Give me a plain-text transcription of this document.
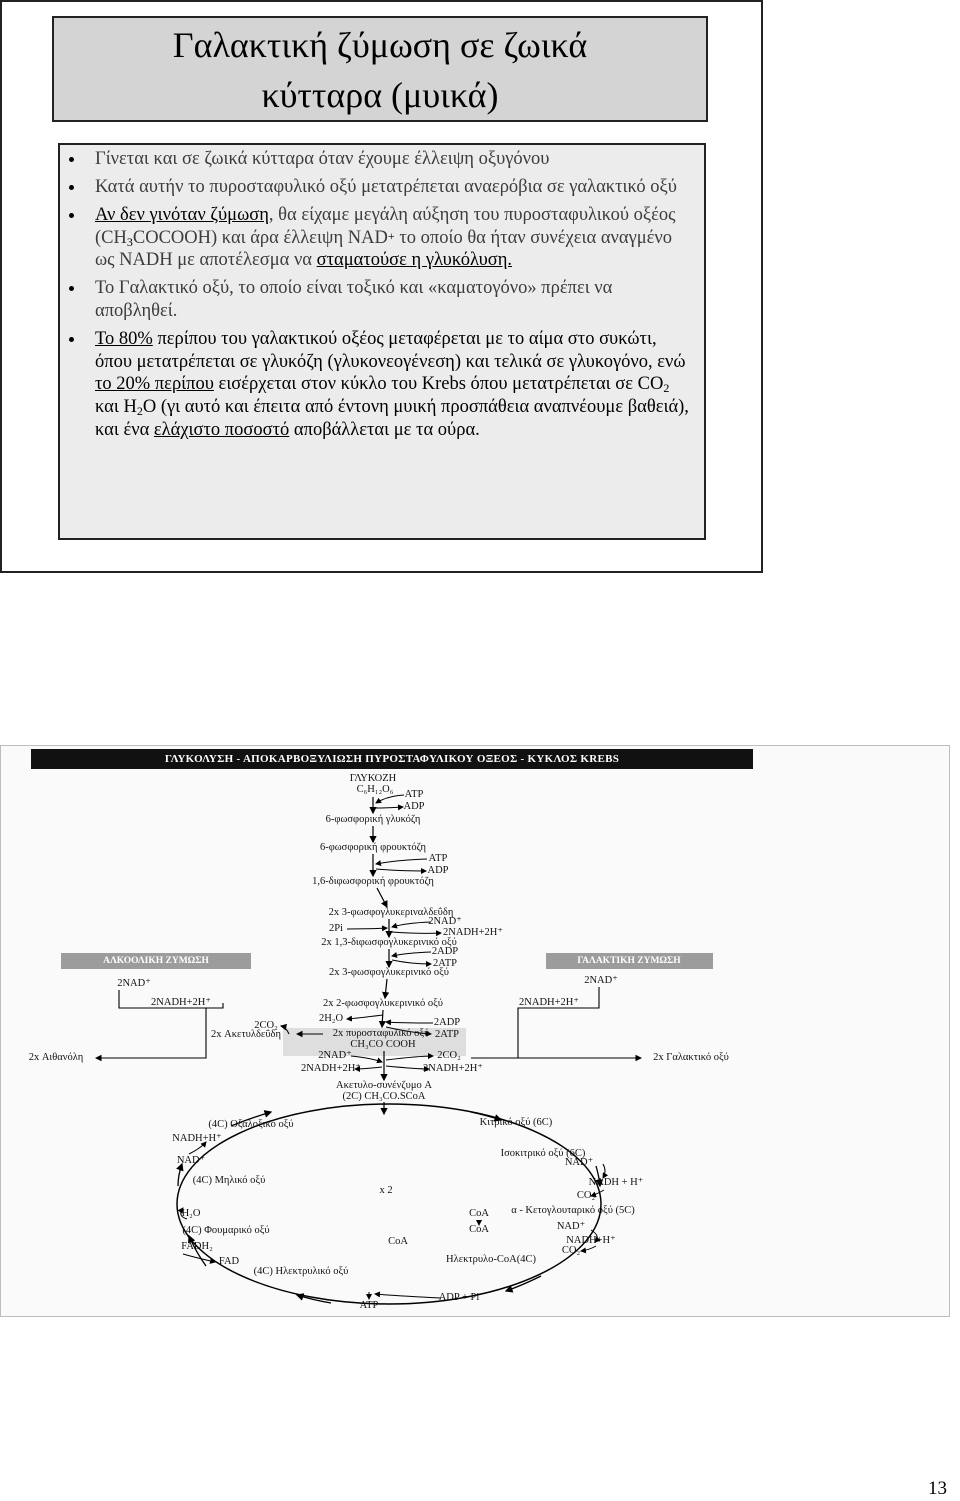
Γαλακτική ζύμωση σε ζωικά
κύτταρα (μυικά)
Γίνεται και σε ζωικά κύτταρα όταν έχουμε έλλειψη οξυγόνου
Κατά αυτήν το πυροσταφυλικό οξύ μετατρέπεται αναερόβια σε γαλακτικό οξύ
Αν δεν γινόταν ζύμωση, θα είχαμε μεγάλη αύξηση του πυροσταφυλικού οξέος $(CH_3COCOOH)$ και άρα έλλειψη NAD+ το οποίο θα ήταν συνέχεια αναγμένο ως NADH με αποτέλεσμα να σταματούσε η γλυκόλυση.
Το Γαλακτικό οξύ, το οποίο είναι τοξικό και «καματογόνο» πρέπει να αποβληθεί.
Το 80% περίπου του γαλακτικού οξέος μεταφέρεται με το αίμα στο συκώτι, όπου μετατρέπεται σε γλυκόζη (γλυκονεογένεση) και τελικά σε γλυκογόνο, ενώ το 20% περίπου εισέρχεται στον κύκλο του Krebs όπου μετατρέπεται σε $CO_2$ και $H_2O$ (γι αυτό και έπειτα από έντονη μυική προσπάθεια αναπνέουμε βαθειά), και ένα ελάχιστο ποσοστό αποβάλλεται με τα ούρα.
ΓΛΥΚΟΛΥΣΗ - ΑΠΟΚΑΡΒΟΞΥΛΙΩΣΗ ΠΥΡΟΣΤΑΦΥΛΙΚΟΥ ΟΞΕΟΣ - ΚΥΚΛΟΣ KREBS
ΓΛΥΚΟΖΗ
C₆H₁₂O₆ ATP
ADP
6-φωσφορική γλυκόζη
6-φωσφορική φρουκτόζη
ATP
ADP
1,6-διφωσφορική φρουκτόζη
2x 3-φωσφογλυκεριναλδεΰδη
2NAD⁺
2Pi	2NADH+2H⁺
2x 1,3-διφωσφογλυκερινικό οξύ
2ADP
2ATP
2x 3-φωσφογλυκερινικό οξύ
2x 2-φωσφογλυκερινικό οξύ
2H₂O	2ADP
2ATP
2x πυροσταφυλικό οξύ
CH₃CO COOH
2NAD⁺	2CO₂
2NADH+2H⁺	2NADH+2H⁺
Ακετυλο-συνένζυμο A
(2C) CH₃CO.SCoA
ΑΛΚΟΟΛΙΚΗ ΖΥΜΩΣΗ
2NAD⁺
2NADH+2H⁺
2CO₂
2x Ακετυλδεΰδη
2x Αιθανόλη
ΓΑΛΑΚΤΙΚΗ ΖΥΜΩΣΗ
2NAD⁺
2NADH+2H⁺
2x Γαλακτικό οξύ
(4C) Οξαλοξικό οξύ	Κιτρικό οξύ (6C)
NADH+H⁺
NAD⁺
Ισοκιτρικό οξύ (6C)
NAD⁺
(4C) Μηλικό οξύ	NADH + H⁺
CO₂
x 2
H₂O	α - Κετογλουταρικό οξύ (5C)
CoA
(4C) Φουμαρικό οξύ	CoA	NAD⁺
FADH₂
NADH+H⁺
CoA
CO₂
Ηλεκτρυλο-CoA(4C)
FAD
(4C) Ηλεκτρυλικό οξύ
ATP
ADP + Pi
13
